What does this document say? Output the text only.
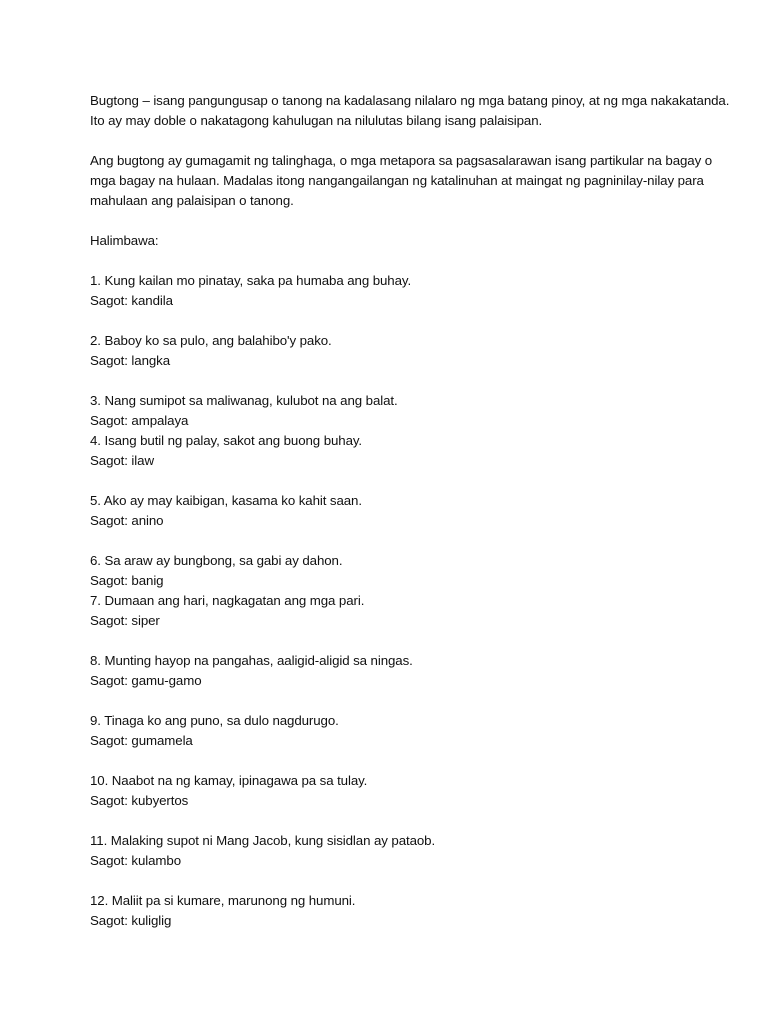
Bugtong – isang pangungusap o tanong na kadalasang nilalaro ng mga batang pinoy, at ng mga nakakatanda. Ito ay may doble o nakatagong kahulugan na nilulutas bilang isang palaisipan.

Ang bugtong ay gumagamit ng talinghaga, o mga metapora sa pagsasalarawan isang partikular na bagay o mga bagay na hulaan. Madalas itong nangangailangan ng katalinuhan at maingat ng pagninilay-nilay para mahulaan ang palaisipan o tanong.

Halimbawa:

1. Kung kailan mo pinatay, saka pa humaba ang buhay.
Sagot: kandila
2. Baboy ko sa pulo, ang balahibo'y pako.
Sagot: langka
3. Nang sumipot sa maliwanag, kulubot na ang balat.
Sagot: ampalaya
4. Isang butil ng palay, sakot ang buong buhay.
Sagot: ilaw
5. Ako ay may kaibigan, kasama ko kahit saan.
Sagot: anino
6. Sa araw ay bungbong, sa gabi ay dahon.
Sagot: banig
7. Dumaan ang hari, nagkagatan ang mga pari.
Sagot: siper
8. Munting hayop na pangahas, aaligid-aligid sa ningas.
Sagot: gamu-gamo
9. Tinaga ko ang puno, sa dulo nagdurugo.
Sagot: gumamela
10. Naabot na ng kamay, ipinagawa pa sa tulay.
Sagot: kubyertos
11. Malaking supot ni Mang Jacob, kung sisidlan ay pataob.
Sagot: kulambo
12. Maliit pa si kumare, marunong ng humuni.
Sagot: kuliglig
